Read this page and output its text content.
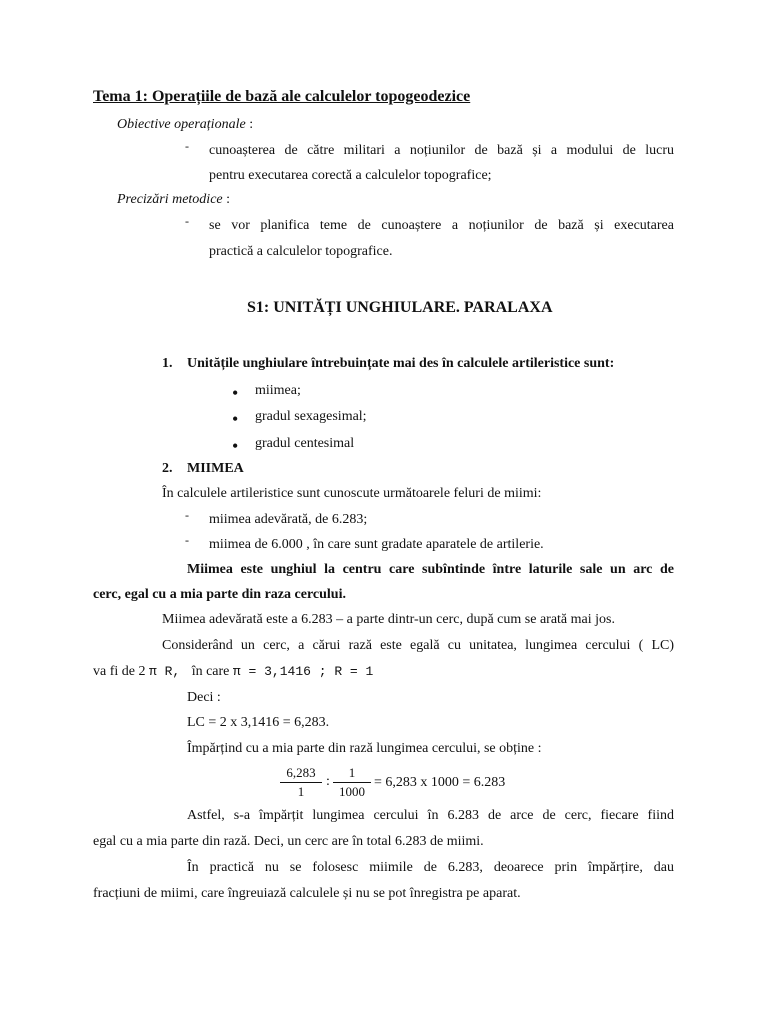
Tema 1: Operațiile de bază ale calculelor topogeodezice
Obiective operaționale :
- cunoașterea de către militari a noțiunilor de bază și a modului de lucru
pentru executarea corectă a calculelor topografice;
Precizări metodice :
- se vor planifica teme de cunoaștere a noțiunilor de bază și executarea
practică a calculelor topografice.
S1: UNITĂȚI UNGHIULARE. PARALAXA
1. Unitățile unghiulare întrebuințate mai des în calculele artileristice sunt:
• miimea;
• gradul sexagesimal;
• gradul centesimal
2. MIIMEA
În calculele artileristice sunt cunoscute următoarele feluri de miimi:
- miimea adevărată, de 6.283;
- miimea de 6.000 , în care sunt gradate aparatele de artilerie.
Miimea este unghiul la centru care subîntinde între laturile sale un arc de
cerc, egal cu a mia parte din raza cercului.
Miimea adevărată este a 6.283 – a parte dintr-un cerc, după cum se arată mai jos.
Considerând un cerc, a cărui rază este egală cu unitatea, lungimea cercului ( LC)
va fi de 2 π R, în care π = 3,1416 ; R = 1
Deci :
LC = 2 x 3,1416 = 6,283.
Împărțind cu a mia parte din rază lungimea cercului, se obține :
$\frac{6,283}{1}$ : $\frac{1}{1000} = 6,283$ x 1000 = 6.283
Astfel, s-a împărțit lungimea cercului în 6.283 de arce de cerc, fiecare fiind
egal cu a mia parte din rază. Deci, un cerc are în total 6.283 de miimi.
În practică nu se folosesc miimile de 6.283, deoarece prin împărțire, dau
fracțiuni de miimi, care îngreuiază calculele și nu se pot înregistra pe aparat.
